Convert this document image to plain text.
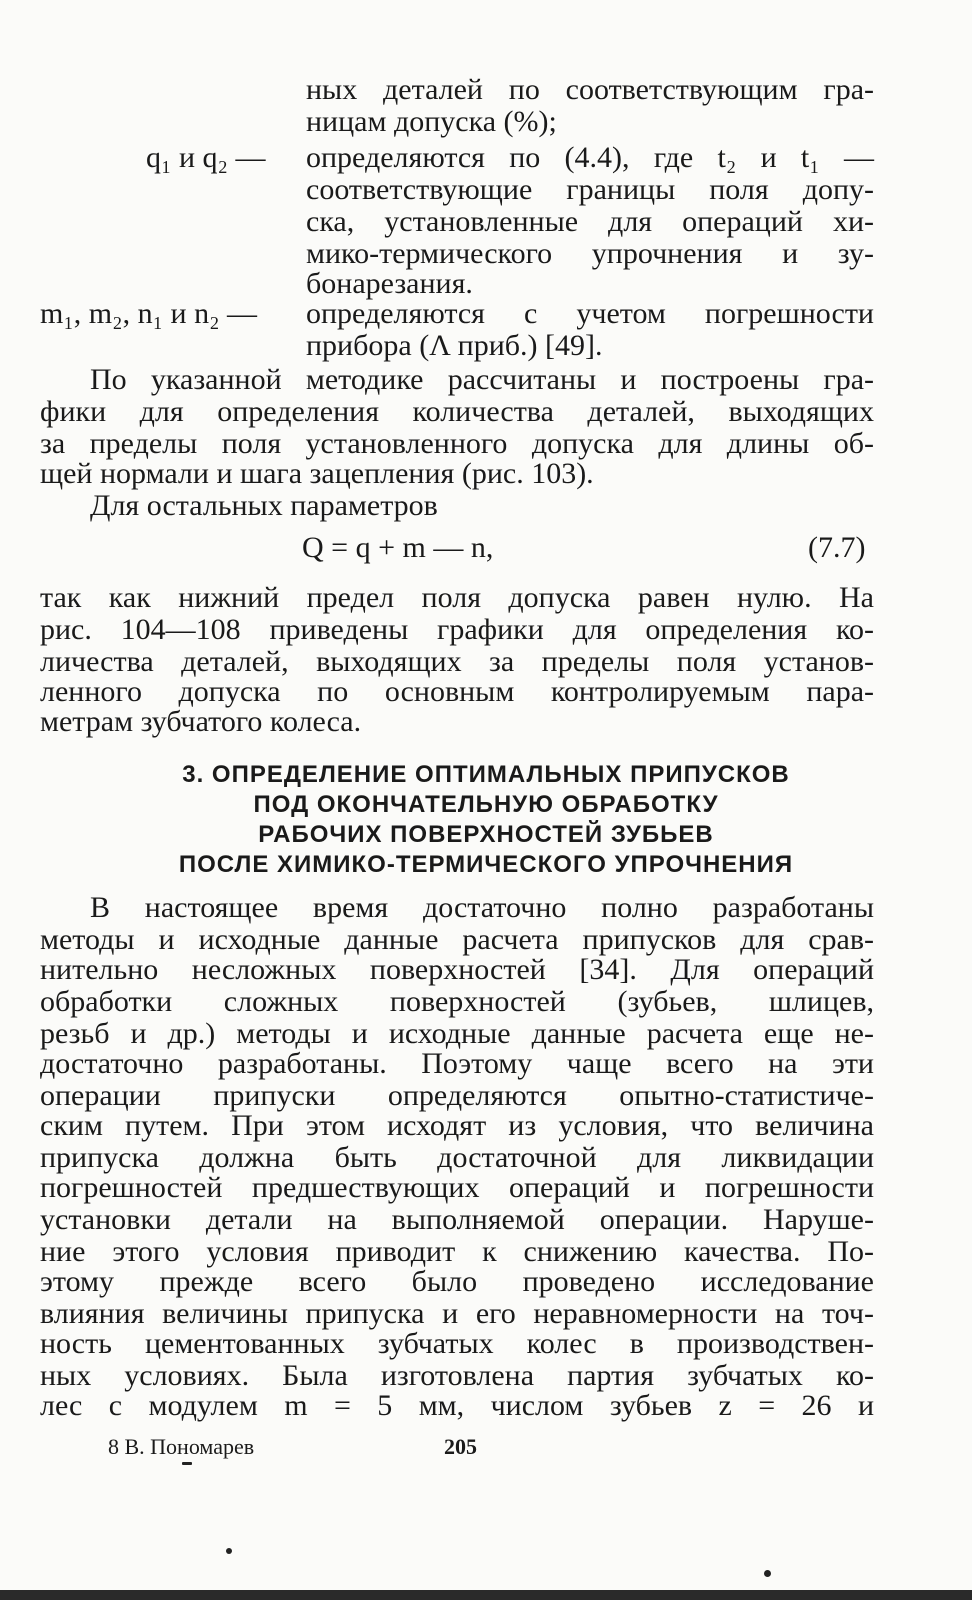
ных деталей по соответствующим гра-
ницам допуска (%);
q₁ и q₂ — определяются по (4.4), где t₂ и t₁ —
соответствующие границы поля допу-
ска, установленные для операций хи-
мико-термического упрочнения и зу-
бонарезания.
m₁, m₂, n₁ и n₂ — определяются с учетом погрешности
прибора (Λ приб.) [49].
По указанной методике рассчитаны и построены гра-
фики для определения количества деталей, выходящих
за пределы поля установленного допуска для длины об-
щей нормали и шага зацепления (рис. 103).
Для остальных параметров
Q = q + m — n,	(7.7)
так как нижний предел поля допуска равен нулю. На
рис. 104—108 приведены графики для определения ко-
личества деталей, выходящих за пределы поля установ-
ленного допуска по основным контролируемым пара-
метрам зубчатого колеса.
3. ОПРЕДЕЛЕНИЕ ОПТИМАЛЬНЫХ ПРИПУСКОВ
ПОД ОКОНЧАТЕЛЬНУЮ ОБРАБОТКУ
РАБОЧИХ ПОВЕРХНОСТЕЙ ЗУБЬЕВ
ПОСЛЕ ХИМИКО-ТЕРМИЧЕСКОГО УПРОЧНЕНИЯ
В настоящее время достаточно полно разработаны
методы и исходные данные расчета припусков для срав-
нительно несложных поверхностей [34]. Для операций
обработки сложных поверхностей (зубьев, шлицев,
резьб и др.) методы и исходные данные расчета еще не-
достаточно разработаны. Поэтому чаще всего на эти
операции припуски определяются опытно-статистиче-
ским путем. При этом исходят из условия, что величина
припуска должна быть достаточной для ликвидации
погрешностей предшествующих операций и погрешности
установки детали на выполняемой операции. Наруше-
ние этого условия приводит к снижению качества. По-
этому прежде всего было проведено исследование
влияния величины припуска и его неравномерности на точ-
ность цементованных зубчатых колес в производствен-
ных условиях. Была изготовлена партия зубчатых ко-
лес с модулем m = 5 мм, числом зубьев z = 26 и
8 В. Пономарев	205
